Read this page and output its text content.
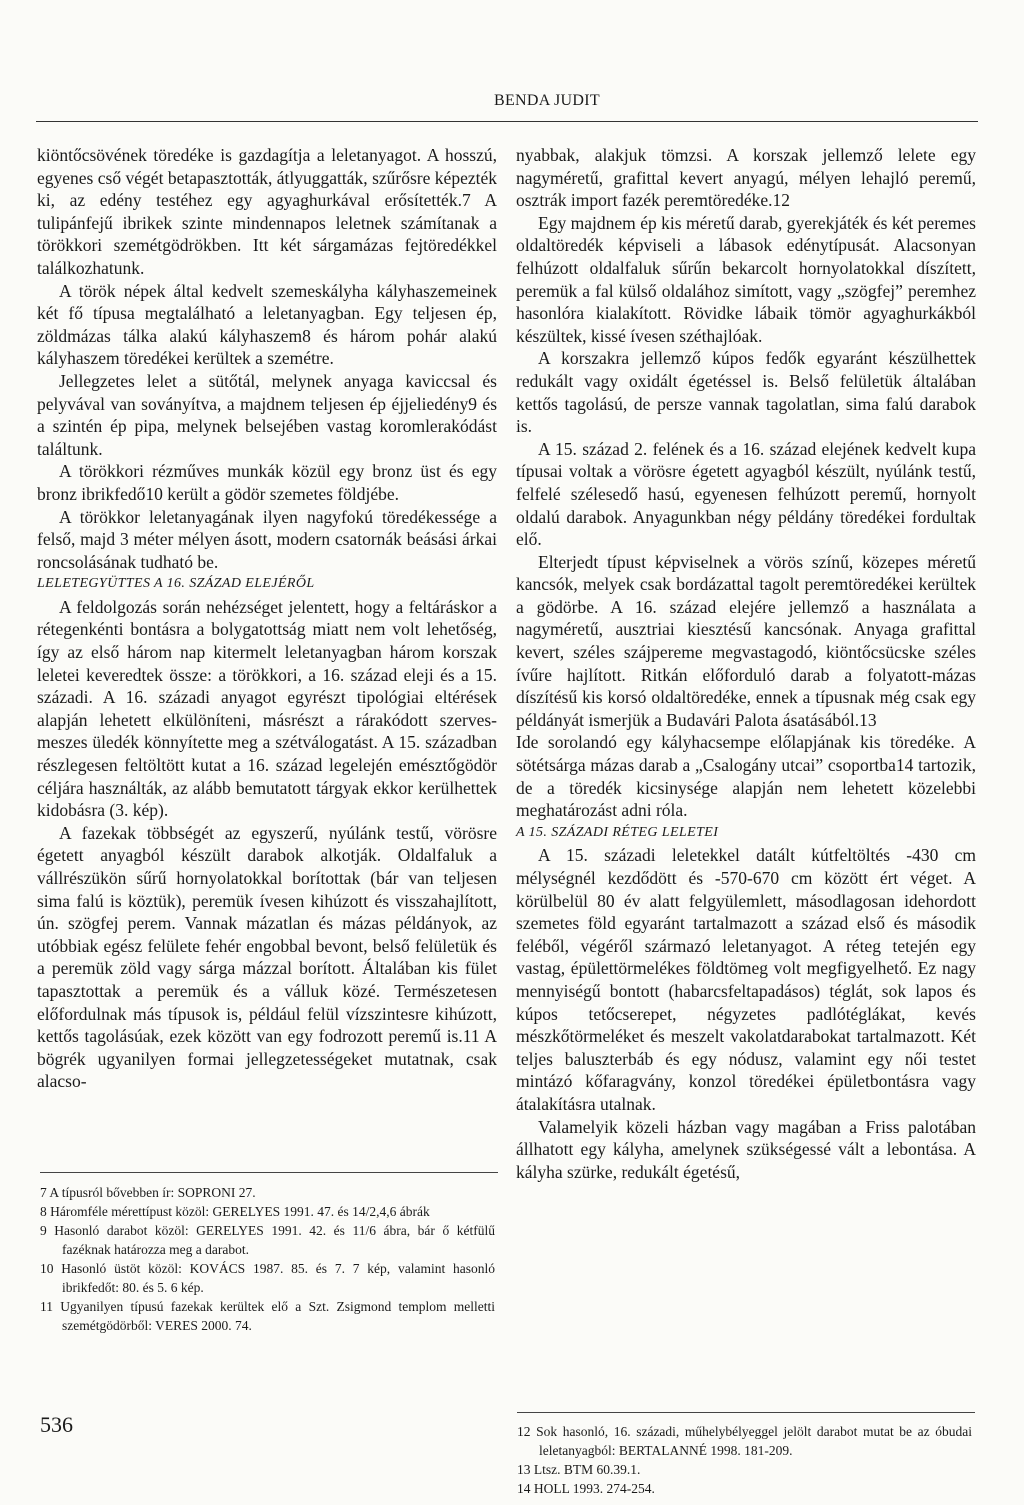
BENDA JUDIT

kiöntőcsövének töredéke is gazdagítja a leletanyagot. A hosszú, egyenes cső végét betapasztották, átlyuggatták, szűrősre képezték ki, az edény testéhez egy agyaghurkával erősítették.7 A tulipánfejű ibrikek szinte mindennapos leletnek számítanak a törökkori szemétgödrökben. Itt két sárgamázas fejtöredékkel találkozhatunk.

A török népek által kedvelt szemeskályha kályhaszemeinek két fő típusa megtalálható a leletanyagban. Egy teljesen ép, zöldmázas tálka alakú kályhaszem8 és három pohár alakú kályhaszem töredékei kerültek a szemétre.

Jellegzetes lelet a sütőtál, melynek anyaga kaviccsal és pelyvával van soványítva, a majdnem teljesen ép éjjeliedény9 és a szintén ép pipa, melynek belsejében vastag koromlerakódást találtunk.

A törökkori rézműves munkák közül egy bronz üst és egy bronz ibrikfedő10 került a gödör szemetes földjébe.

A törökkor leletanyagának ilyen nagyfokú töredékessége a felső, majd 3 méter mélyen ásott, modern csatornák beásási árkai roncsolásának tudható be.

LELETEGYÜTTES A 16. SZÁZAD ELEJÉRŐL

A feldolgozás során nehézséget jelentett, hogy a feltáráskor a rétegenkénti bontásra a bolygatottság miatt nem volt lehetőség, így az első három nap kitermelt leletanyagban három korszak leletei keveredtek össze: a törökkori, a 16. század eleji és a 15. századi. A 16. századi anyagot egyrészt tipológiai eltérések alapján lehetett elkülöníteni, másrészt a rárakódott szerves-meszes üledék könnyítette meg a szétválogatást. A 15. században részlegesen feltöltött kutat a 16. század legelején emésztőgödör céljára használták, az alább bemutatott tárgyak ekkor kerülhettek kidobásra (3. kép).

A fazekak többségét az egyszerű, nyúlánk testű, vörösre égetett anyagból készült darabok alkotják. Oldalfaluk a vállrészükön sűrű hornyolatokkal borítottak (bár van teljesen sima falú is köztük), peremük ívesen kihúzott és visszahajlított, ún. szögfej perem. Vannak mázatlan és mázas példányok, az utóbbiak egész felülete fehér engobbal bevont, belső felületük és a peremük zöld vagy sárga mázzal borított. Általában kis fület tapasztottak a peremük és a válluk közé. Természetesen előfordulnak más típusok is, például felül vízszintesre kihúzott, kettős tagolásúak, ezek között van egy fodrozott peremű is.11 A bögrék ugyanilyen formai jellegzetességeket mutatnak, csak alacso-

7 A típusról bővebben ír: SOPRONI 27.

8 Háromféle mérettípust közöl: GERELYES 1991. 47. és 14/2,4,6 ábrák

9 Hasonló darabot közöl: GERELYES 1991. 42. és 11/6 ábra, bár ő kétfülű fazéknak határozza meg a darabot.

10 Hasonló üstöt közöl: KOVÁCS 1987. 85. és 7. 7 kép, valamint hasonló ibrikfedőt: 80. és 5. 6 kép.

11 Ugyanilyen típusú fazekak kerültek elő a Szt. Zsigmond templom melletti szemétgödörből: VERES 2000. 74.

nyabbak, alakjuk tömzsi. A korszak jellemző lelete egy nagyméretű, grafittal kevert anyagú, mélyen lehajló peremű, osztrák import fazék peremtöredéke.12

Egy majdnem ép kis méretű darab, gyerekjáték és két peremes oldaltöredék képviseli a lábasok edénytípusát. Alacsonyan felhúzott oldalfaluk sűrűn bekarcolt hornyolatokkal díszített, peremük a fal külső oldalához simított, vagy „szögfej” peremhez hasonlóra kialakított. Rövidke lábaik tömör agyaghurkákból készültek, kissé ívesen széthajlóak.

A korszakra jellemző kúpos fedők egyaránt készülhettek redukált vagy oxidált égetéssel is. Belső felületük általában kettős tagolású, de persze vannak tagolatlan, sima falú darabok is.

A 15. század 2. felének és a 16. század elejének kedvelt kupa típusai voltak a vörösre égetett agyagból készült, nyúlánk testű, felfelé szélesedő hasú, egyenesen felhúzott peremű, hornyolt oldalú darabok. Anyagunkban négy példány töredékei fordultak elő.

Elterjedt típust képviselnek a vörös színű, közepes méretű kancsók, melyek csak bordázattal tagolt peremtöredékei kerültek a gödörbe. A 16. század elejére jellemző a használata a nagyméretű, ausztriai kiesztésű kancsónak. Anyaga grafittal kevert, széles szájpereme megvastagodó, kiöntőcsücske széles ívűre hajlított. Ritkán előforduló darab a folyatott-mázas díszítésű kis korsó oldaltöredéke, ennek a típusnak még csak egy példányát ismerjük a Budavári Palota ásatásából.13

Ide sorolandó egy kályhacsempe előlapjának kis töredéke. A sötétsárga mázas darab a „Csalogány utcai” csoportba14 tartozik, de a töredék kicsinysége alapján nem lehetett közelebbi meghatározást adni róla.

A 15. SZÁZADI RÉTEG LELETEI

A 15. századi leletekkel datált kútfeltöltés -430 cm mélységnél kezdődött és -570-670 cm között ért véget. A körülbelül 80 év alatt felgyülemlett, másodlagosan idehordott szemetes föld egyaránt tartalmazott a század első és második feléből, végéről származó leletanyagot. A réteg tetején egy vastag, épülettörmelékes földtömeg volt megfigyelhető. Ez nagy mennyiségű bontott (habarcsfeltapadásos) téglát, sok lapos és kúpos tetőcserepet, négyzetes padlótéglákat, kevés mészkőtörmeléket és meszelt vakolatdarabokat tartalmazott. Két teljes baluszterbáb és egy nódusz, valamint egy női testet mintázó kőfaragvány, konzol töredékei épületbontásra vagy átalakításra utalnak.

Valamelyik közeli házban vagy magában a Friss palotában állhatott egy kályha, amelynek szükségessé vált a lebontása. A kályha szürke, redukált égetésű,

12 Sok hasonló, 16. századi, műhelybélyeggel jelölt darabot mutat be az óbudai leletanyagból: BERTALANNÉ 1998. 181-209.

13 Ltsz. BTM 60.39.1.

14 HOLL 1993. 274-254.

536
